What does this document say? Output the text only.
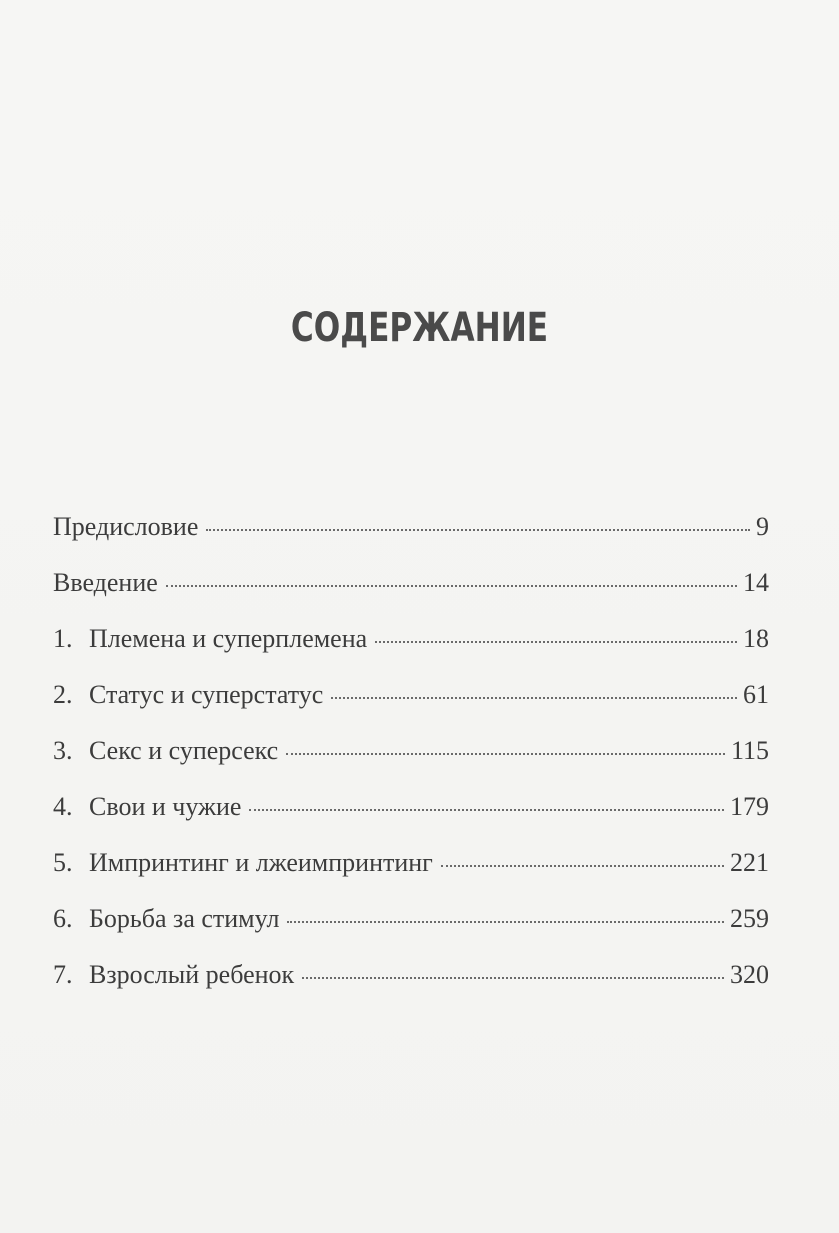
СОДЕРЖАНИЕ
Предисловие	9
Введение	14
1. Племена и суперплемена	18
2. Статус и суперстатус	61
3. Секс и суперсекс	115
4. Свои и чужие	179
5. Импринтинг и лжеимпринтинг	221
6. Борьба за стимул	259
7. Взрослый ребенок	320
